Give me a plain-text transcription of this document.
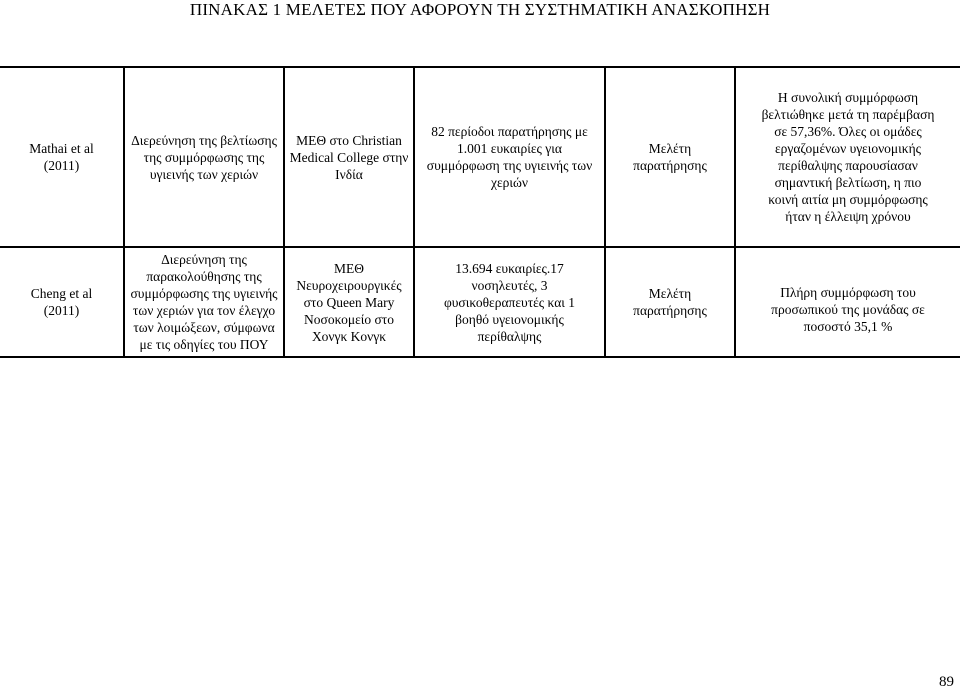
ΠΙΝΑΚΑΣ 1 ΜΕΛΕΤΕΣ ΠΟΥ ΑΦΟΡΟΥΝ ΤΗ ΣΥΣΤΗΜΑΤΙΚΗ ΑΝΑΣΚΟΠΗΣΗ
Mathai et al
(2011)
Διερεύνηση της βελτίωσης
της συμμόρφωσης της
υγιεινής των χεριών
ΜΕΘ στο Christian
Medical College στην
Ινδία
82 περίοδοι παρατήρησης με
1.001 ευκαιρίες για
συμμόρφωση της υγιεινής των
χεριών
Μελέτη
παρατήρησης
Η συνολική συμμόρφωση
βελτιώθηκε μετά τη παρέμβαση
σε 57,36%. Όλες οι ομάδες
εργαζομένων υγειονομικής
περίθαλψης παρουσίασαν
σημαντική βελτίωση, η πιο
κοινή αιτία μη συμμόρφωσης
ήταν η έλλειψη χρόνου
Cheng et al
(2011)
Διερεύνηση της
παρακολούθησης της
συμμόρφωσης της υγιεινής
των χεριών για τον έλεγχο
των λοιμώξεων, σύμφωνα
με τις οδηγίες του ΠΟΥ
ΜΕΘ
Νευροχειρουργικές
στο Queen Mary
Νοσοκομείο στο
Χονγκ Κονγκ
13.694 ευκαιρίες.17
νοσηλευτές, 3
φυσικοθεραπευτές και 1
βοηθό υγειονομικής
περίθαλψης
Μελέτη
παρατήρησης
Πλήρη συμμόρφωση του
προσωπικού της μονάδας σε
ποσοστό 35,1 %
89
